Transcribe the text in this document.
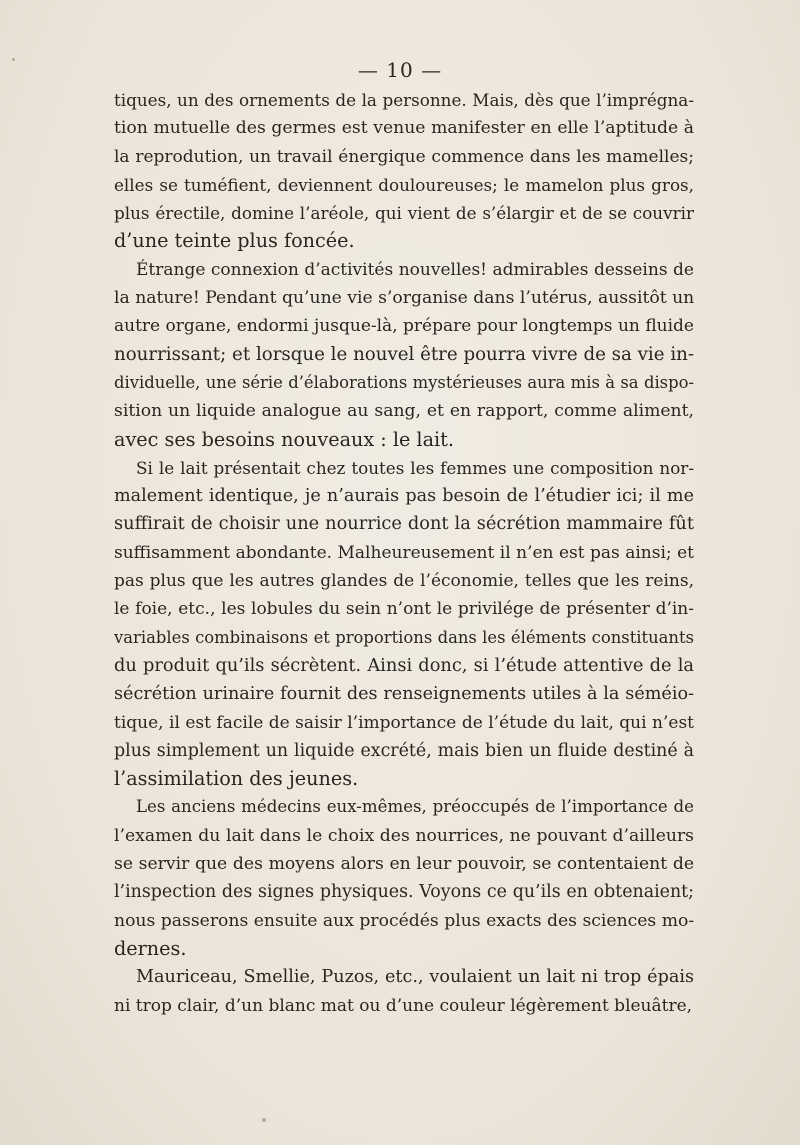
— 10 —
tiques, un des ornements de la personne. Mais, dès que l’imprégna-
tion mutuelle des germes est venue manifester en elle l’aptitude à
la reprodution, un travail énergique commence dans les mamelles;
elles se tuméfient, deviennent douloureuses; le mamelon plus gros,
plus érectile, domine l’aréole, qui vient de s’élargir et de se couvrir
d’une teinte plus foncée.
Étrange connexion d’activités nouvelles! admirables desseins de
la nature! Pendant qu’une vie s’organise dans l’utérus, aussitôt un
autre organe, endormi jusque-là, prépare pour longtemps un fluide
nourrissant; et lorsque le nouvel être pourra vivre de sa vie in-
dividuelle, une série d’élaborations mystérieuses aura mis à sa dispo-
sition un liquide analogue au sang, et en rapport, comme aliment,
avec ses besoins nouveaux : le lait.
Si le lait présentait chez toutes les femmes une composition nor-
malement identique, je n’aurais pas besoin de l’étudier ici; il me
suffirait de choisir une nourrice dont la sécrétion mammaire fût
suffisamment abondante. Malheureusement il n’en est pas ainsi; et
pas plus que les autres glandes de l’économie, telles que les reins,
le foie, etc., les lobules du sein n’ont le privilége de présenter d’in-
variables combinaisons et proportions dans les éléments constituants
du produit qu’ils sécrètent. Ainsi donc, si l’étude attentive de la
sécrétion urinaire fournit des renseignements utiles à la séméio-
tique, il est facile de saisir l’importance de l’étude du lait, qui n’est
plus simplement un liquide excrété, mais bien un fluide destiné à
l’assimilation des jeunes.
Les anciens médecins eux-mêmes, préoccupés de l’importance de
l’examen du lait dans le choix des nourrices, ne pouvant d’ailleurs
se servir que des moyens alors en leur pouvoir, se contentaient de
l’inspection des signes physiques. Voyons ce qu’ils en obtenaient;
nous passerons ensuite aux procédés plus exacts des sciences mo-
dernes.
Mauriceau, Smellie, Puzos, etc., voulaient un lait ni trop épais
ni trop clair, d’un blanc mat ou d’une couleur légèrement bleuâtre,
